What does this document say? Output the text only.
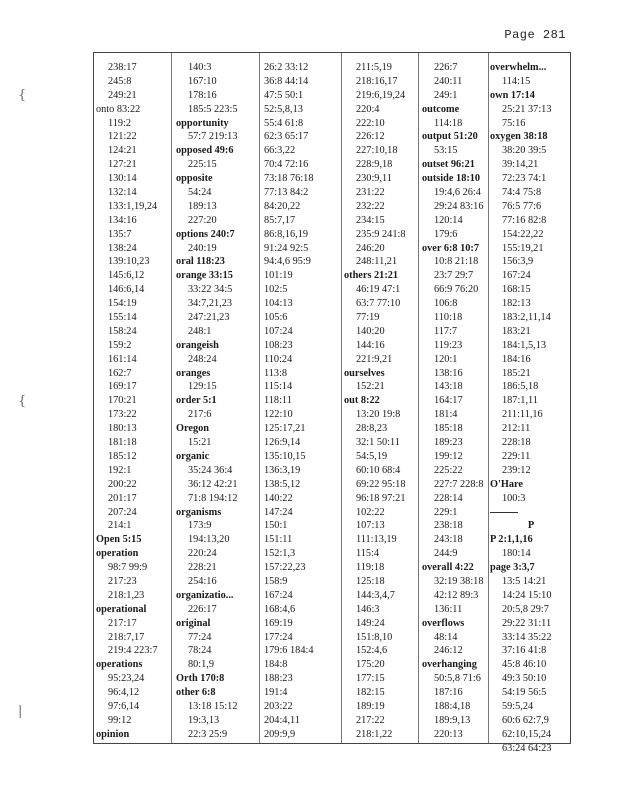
Page 281
{
{
|
238:17
245:8
249:21
onto 83:22
119:2
121:22
124:21
127:21
130:14
132:14
133:1,19,24
134:16
135:7
138:24
139:10,23
145:6,12
146:6,14
154:19
155:14
158:24
159:2
161:14
162:7
169:17
170:21
173:22
180:13
181:18
185:12
192:1
200:22
201:17
207:24
214:1
Open 5:15
operation
98:7 99:9
217:23
218:1,23
operational
217:17
218:7,17
219:4 223:7
operations
95:23,24
96:4,12
97:6,14
99:12
opinion
140:3
167:10
178:16
185:5 223:5
opportunity
57:7 219:13
opposed 49:6
225:15
opposite
54:24
189:13
227:20
options 240:7
240:19
oral 118:23
orange 33:15
33:22 34:5
34:7,21,23
247:21,23
248:1
orangeish
248:24
oranges
129:15
order 5:1
217:6
Oregon
15:21
organic
35:24 36:4
36:12 42:21
71:8 194:12
organisms
173:9
194:13,20
220:24
228:21
254:16
organizatio...
226:17
original
77:24
78:24
80:1,9
Orth 170:8
other 6:8
13:18 15:12
19:3,13
22:3 25:9
26:2 33:12
36:8 44:14
47:5 50:1
52:5,8,13
55:4 61:8
62:3 65:17
66:3,22
70:4 72:16
73:18 76:18
77:13 84:2
84:20,22
85:7,17
86:8,16,19
91:24 92:5
94:4,6 95:9
101:19
102:5
104:13
105:6
107:24
108:23
110:24
113:8
115:14
118:11
122:10
125:17,21
126:9,14
135:10,15
136:3,19
138:5,12
140:22
147:24
150:1
151:11
152:1,3
157:22,23
158:9
167:24
168:4,6
169:19
177:24
179:6 184:4
184:8
188:23
191:4
203:22
204:4,11
209:9,9
211:5,19
218:16,17
219:6,19,24
220:4
222:10
226:12
227:10,18
228:9,18
230:9,11
231:22
232:22
234:15
235:9 241:8
246:20
248:11,21
others 21:21
46:19 47:1
63:7 77:10
77:19
140:20
144:16
221:9,21
ourselves
152:21
out 8:22
13:20 19:8
28:8,23
32:1 50:11
54:5,19
60:10 68:4
69:22 95:18
96:18 97:21
102:22
107:13
111:13,19
115:4
119:18
125:18
144:3,4,7
146:3
149:24
151:8,10
152:4,6
175:20
177:15
182:15
189:19
217:22
218:1,22
226:7
240:11
249:1
outcome
114:18
output 51:20
53:15
outset 96:21
outside 18:10
19:4,6 26:4
29:24 83:16
120:14
179:6
over 6:8 10:7
10:8 21:18
23:7 29:7
66:9 76:20
106:8
110:18
117:7
119:23
120:1
138:16
143:18
164:17
181:4
185:18
189:23
199:12
225:22
227:7 228:8
228:14
229:1
238:18
243:18
244:9
overall 4:22
32:19 38:18
42:12 89:3
136:11
overflows
48:14
246:12
overhanging
50:5,8 71:6
187:16
188:4,18
189:9,13
220:13
overwhelm...
114:15
own 17:14
25:21 37:13
75:16
oxygen 38:18
38:20 39:5
39:14,21
72:23 74:1
74:4 75:8
76:5 77:6
77:16 82:8
154:22,22
155:19,21
156:3,9
167:24
168:15
182:13
183:2,11,14
183:21
184:1,5,13
184:16
185:21
186:5,18
187:1,11
211:11,16
212:11
228:18
229:11
239:12
O'Hare
100:3
P
P 2:1,1,16
180:14
page 3:3,7
13:5 14:21
14:24 15:10
20:5,8 29:7
29:22 31:11
33:14 35:22
37:16 41:8
45:8 46:10
49:3 50:10
54:19 56:5
59:5,24
60:6 62:7,9
62:10,15,24
63:24 64:23
